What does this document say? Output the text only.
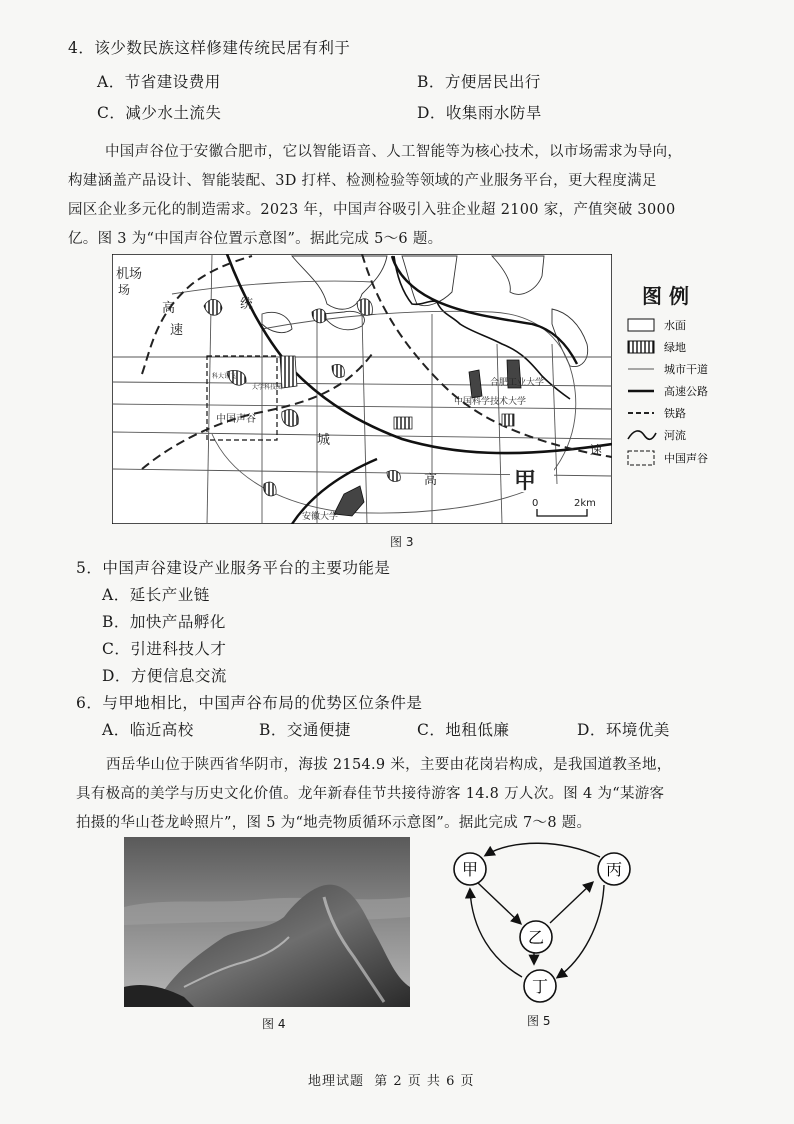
4．该少数民族这样修建传统民居有利于
A．节省建设费用	B．方便居民出行
C．减少水土流失	D．收集雨水防旱
中国声谷位于安徽合肥市，它以智能语音、人工智能等为核心技术，以市场需求为导向，
构建涵盖产品设计、智能装配、3D 打样、检测检验等领域的产业服务平台，更大程度满足
园区企业多元化的制造需求。2023 年，中国声谷吸引入驻企业超 2100 家，产值突破 3000
亿。图 3 为“中国声谷位置示意图”。据此完成 5～6 题。
机场
场
高
速
统
城
高
速
中国声谷
科大讯飞
大学科技园	合肥工业大学
中国科学技术大学
安徽大学
甲
0	2km
图 例
水面
绿地
城市干道
高速公路
铁路
河流
中国声谷
图 3
5．中国声谷建设产业服务平台的主要功能是
A．延长产业链
B．加快产品孵化
C．引进科技人才
D．方便信息交流
6．与甲地相比，中国声谷布局的优势区位条件是
A．临近高校	B．交通便捷	C．地租低廉	D．环境优美
西岳华山位于陕西省华阴市，海拔 2154.9 米，主要由花岗岩构成，是我国道教圣地，
具有极高的美学与历史文化价值。龙年新春佳节共接待游客 14.8 万人次。图 4 为“某游客
拍摄的华山苍龙岭照片”，图 5 为“地壳物质循环示意图”。据此完成 7～8 题。
图 4
甲	丙
乙
丁
图 5
地理试题  第 2 页 共 6 页
